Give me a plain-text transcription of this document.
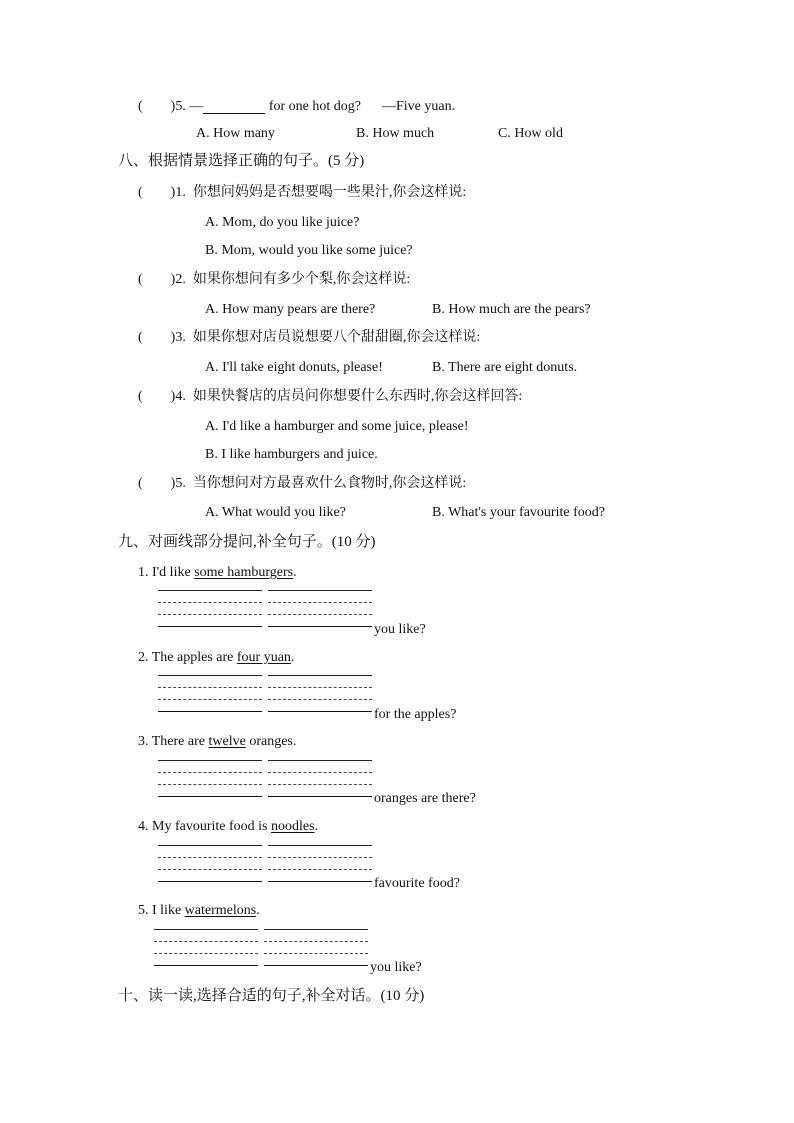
( )5. —	for one hot dog? —Five yuan.
A. How many	B. How much	C. How old
八、根据情景选择正确的句子。(5 分)
( )1. 你想问妈妈是否想要喝一些果汁,你会这样说:
A. Mom, do you like juice?
B. Mom, would you like some juice?
( )2. 如果你想问有多少个梨,你会这样说:
A. How many pears are there?	B. How much are the pears?
( )3. 如果你想对店员说想要八个甜甜圈,你会这样说:
A. I'll take eight donuts, please!	B. There are eight donuts.
( )4. 如果快餐店的店员问你想要什么东西时,你会这样回答:
A. I'd like a hamburger and some juice, please!
B. I like hamburgers and juice.
( )5. 当你想问对方最喜欢什么食物时,你会这样说:
A. What would you like?	B. What's your favourite food?
九、对画线部分提问,补全句子。(10 分)
1. I'd like some hamburgers.
you like?
2. The apples are four yuan.
for the apples?
3. There are twelve oranges.
oranges are there?
4. My favourite food is noodles.
favourite food?
5. I like watermelons.
you like?
十、读一读,选择合适的句子,补全对话。(10 分)
